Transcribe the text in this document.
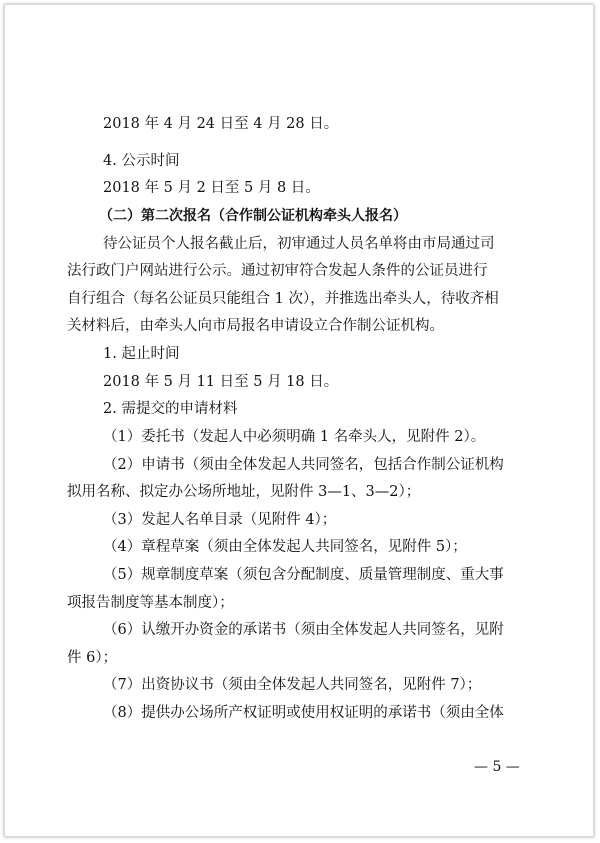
2018 年 4 月 24 日至 4 月 28 日。
4. 公示时间
2018 年 5 月 2 日至 5 月 8 日。
（二）第二次报名（合作制公证机构牵头人报名）
待公证员个人报名截止后，初审通过人员名单将由市局通过司
法行政门户网站进行公示。通过初审符合发起人条件的公证员进行
自行组合（每名公证员只能组合 1 次），并推选出牵头人，待收齐相
关材料后，由牵头人向市局报名申请设立合作制公证机构。
1. 起止时间
2018 年 5 月 11 日至 5 月 18 日。
2. 需提交的申请材料
（1）委托书（发起人中必须明确 1 名牵头人，见附件 2）。
（2）申请书（须由全体发起人共同签名，包括合作制公证机构
拟用名称、拟定办公场所地址，见附件 3—1、3—2）；
（3）发起人名单目录（见附件 4）；
（4）章程草案（须由全体发起人共同签名，见附件 5）；
（5）规章制度草案（须包含分配制度、质量管理制度、重大事
项报告制度等基本制度）；
（6）认缴开办资金的承诺书（须由全体发起人共同签名，见附
件 6）；
（7）出资协议书（须由全体发起人共同签名，见附件 7）；
（8）提供办公场所产权证明或使用权证明的承诺书（须由全体
— 5 —
